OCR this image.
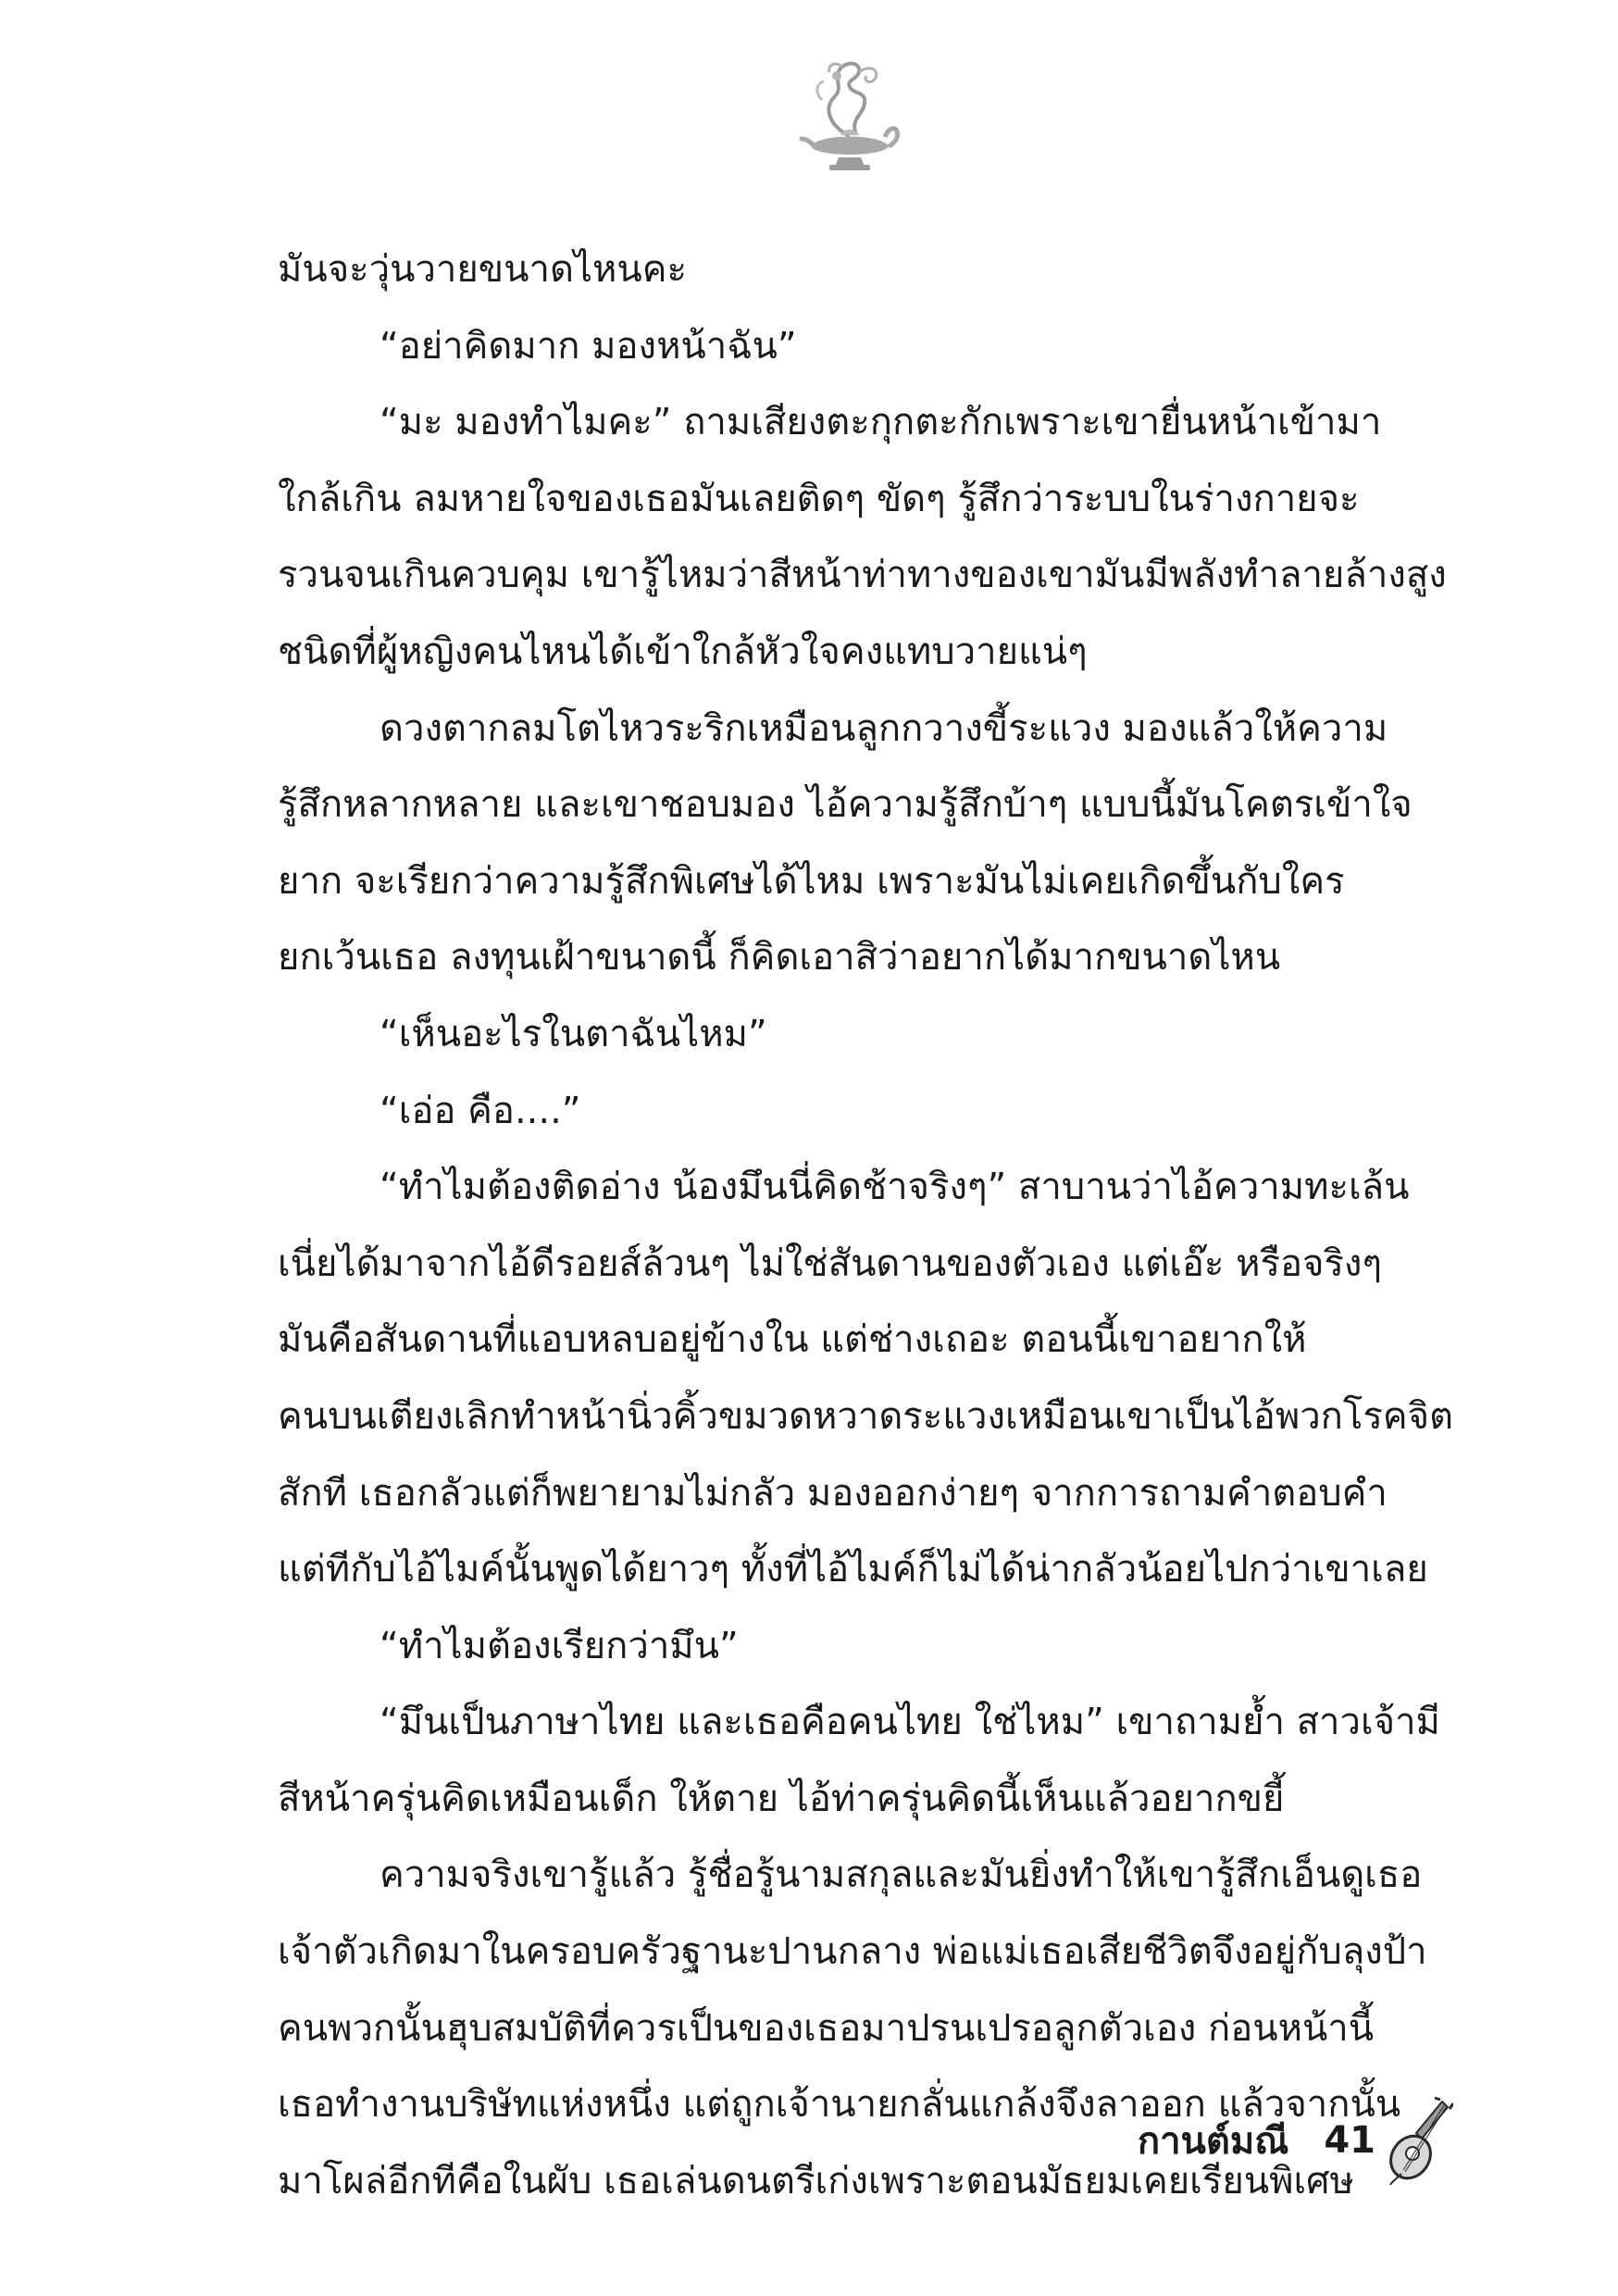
มันจะวุ่นวายขนาดไหนคะ
“อย่าคิดมาก มองหน้าฉัน”
“มะ มองทำไมคะ” ถามเสียงตะกุกตะกักเพราะเขายื่นหน้าเข้ามา
ใกล้เกิน ลมหายใจของเธอมันเลยติดๆ ขัดๆ รู้สึกว่าระบบในร่างกายจะ
รวนจนเกินควบคุม เขารู้ไหมว่าสีหน้าท่าทางของเขามันมีพลังทำลายล้างสูง
ชนิดที่ผู้หญิงคนไหนได้เข้าใกล้หัวใจคงแทบวายแน่ๆ
ดวงตากลมโตไหวระริกเหมือนลูกกวางขี้ระแวง มองแล้วให้ความ
รู้สึกหลากหลาย และเขาชอบมอง ไอ้ความรู้สึกบ้าๆ แบบนี้มันโคตรเข้าใจ
ยาก จะเรียกว่าความรู้สึกพิเศษได้ไหม เพราะมันไม่เคยเกิดขึ้นกับใคร
ยกเว้นเธอ ลงทุนเฝ้าขนาดนี้ ก็คิดเอาสิว่าอยากได้มากขนาดไหน
“เห็นอะไรในตาฉันไหม”
“เอ่อ คือ....”
“ทำไมต้องติดอ่าง น้องมึนนี่คิดช้าจริงๆ” สาบานว่าไอ้ความทะเล้น
เนี่ยได้มาจากไอ้ดีรอยส์ล้วนๆ ไม่ใช่สันดานของตัวเอง แต่เอ๊ะ หรือจริงๆ
มันคือสันดานที่แอบหลบอยู่ข้างใน แต่ช่างเถอะ ตอนนี้เขาอยากให้
คนบนเตียงเลิกทำหน้านิ่วคิ้วขมวดหวาดระแวงเหมือนเขาเป็นไอ้พวกโรคจิต
สักที เธอกลัวแต่ก็พยายามไม่กลัว มองออกง่ายๆ จากการถามคำตอบคำ
แต่ทีกับไอ้ไมค์นั้นพูดได้ยาวๆ ทั้งที่ไอ้ไมค์ก็ไม่ได้น่ากลัวน้อยไปกว่าเขาเลย
“ทำไมต้องเรียกว่ามึน”
“มึนเป็นภาษาไทย และเธอคือคนไทย ใช่ไหม” เขาถามย้ำ สาวเจ้ามี
สีหน้าครุ่นคิดเหมือนเด็ก ให้ตาย ไอ้ท่าครุ่นคิดนี้เห็นแล้วอยากขยี้
ความจริงเขารู้แล้ว รู้ชื่อรู้นามสกุลและมันยิ่งทำให้เขารู้สึกเอ็นดูเธอ
เจ้าตัวเกิดมาในครอบครัวฐานะปานกลาง พ่อแม่เธอเสียชีวิตจึงอยู่กับลุงป้า
คนพวกนั้นฮุบสมบัติที่ควรเป็นของเธอมาปรนเปรอลูกตัวเอง ก่อนหน้านี้
เธอทำงานบริษัทแห่งหนึ่ง แต่ถูกเจ้านายกลั่นแกล้งจึงลาออก แล้วจากนั้น
มาโผล่อีกทีคือในผับ เธอเล่นดนตรีเก่งเพราะตอนมัธยมเคยเรียนพิเศษ
กานต์มณี 41
